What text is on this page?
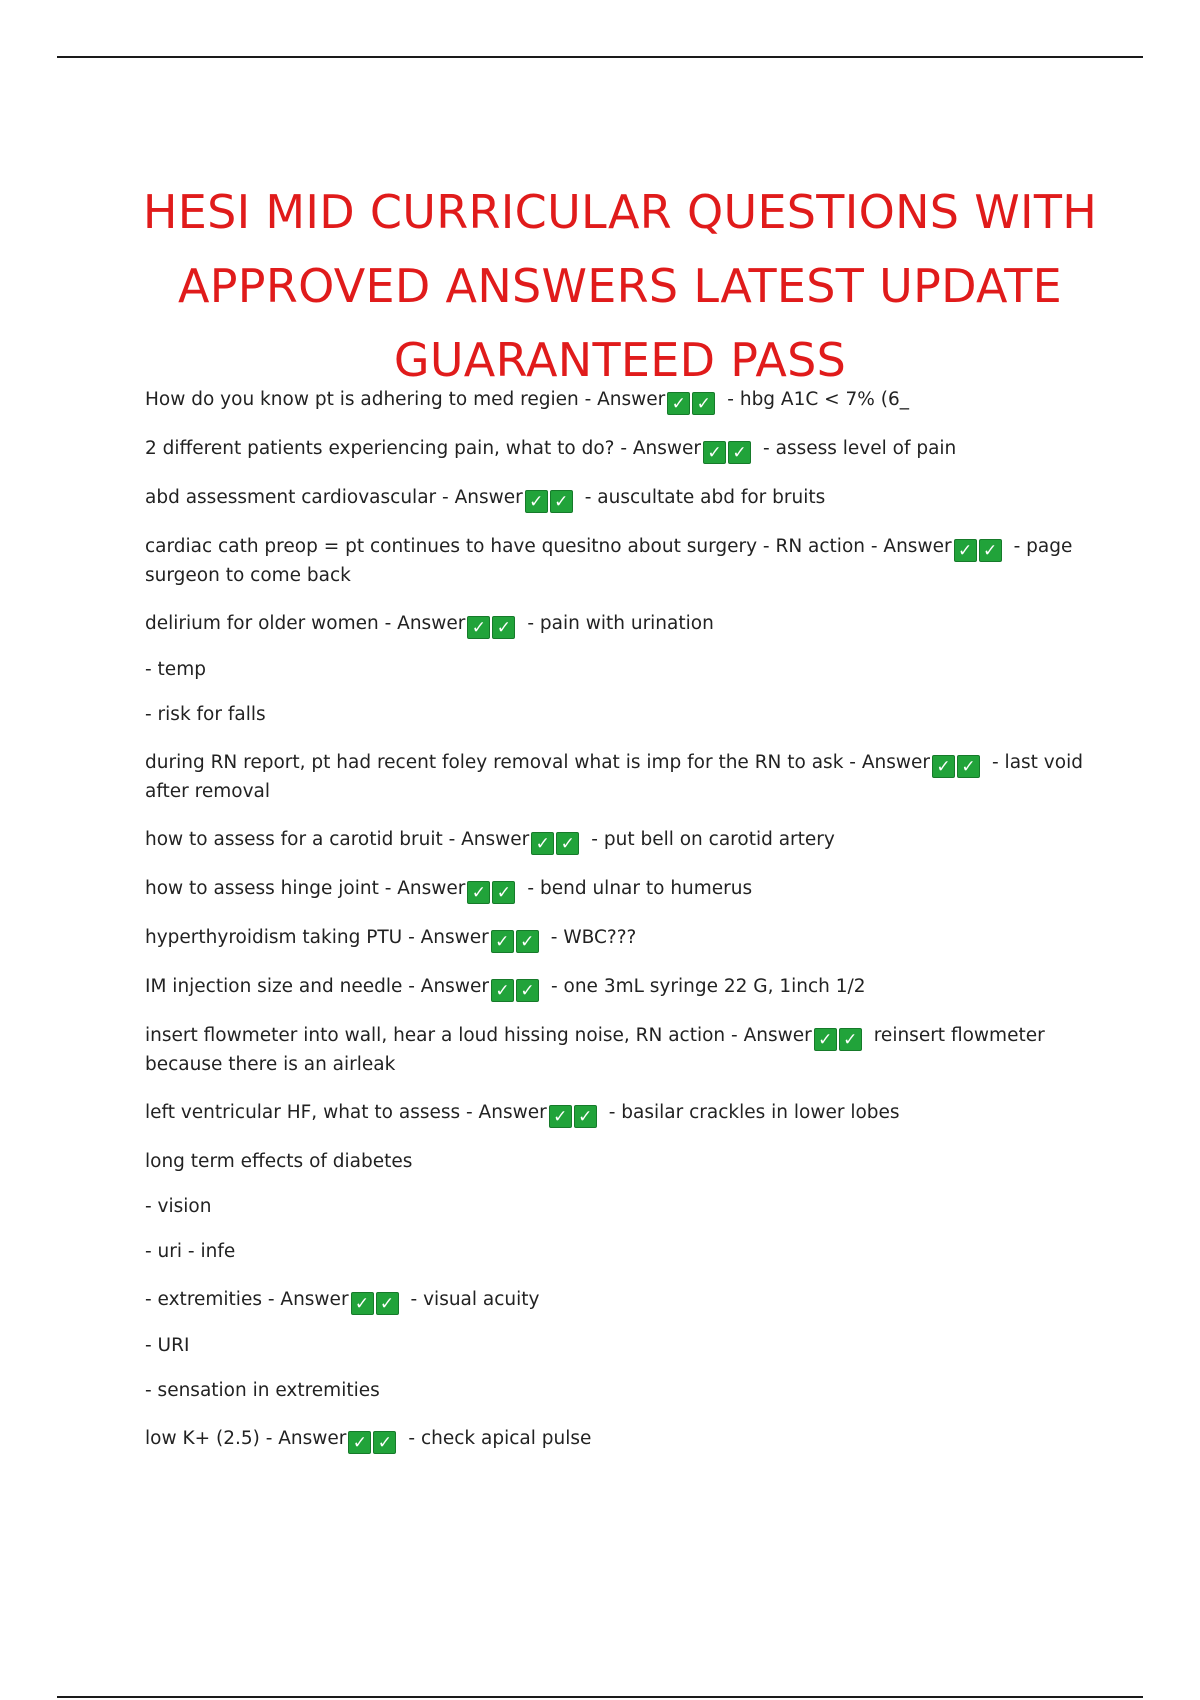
HESI MID CURRICULAR QUESTIONS WITH
APPROVED ANSWERS LATEST UPDATE
GUARANTEED PASS
How do you know pt is adhering to med regien - Answer ✓ ✓ - hbg A1C < 7% (6_
2 different patients experiencing pain, what to do? - Answer ✓ ✓ - assess level of pain
abd assessment cardiovascular - Answer ✓ ✓ - auscultate abd for bruits
cardiac cath preop = pt continues to have quesitno about surgery - RN action - Answer ✓ ✓ - page surgeon to come back
delirium for older women - Answer ✓ ✓ - pain with urination
- temp
- risk for falls
during RN report, pt had recent foley removal what is imp for the RN to ask - Answer ✓ ✓ - last void after removal
how to assess for a carotid bruit - Answer ✓ ✓ - put bell on carotid artery
how to assess hinge joint - Answer ✓ ✓ - bend ulnar to humerus
hyperthyroidism taking PTU - Answer ✓ ✓ - WBC???
IM injection size and needle - Answer ✓ ✓ - one 3mL syringe 22 G, 1inch 1/2
insert flowmeter into wall, hear a loud hissing noise, RN action - Answer ✓ ✓ reinsert flowmeter because there is an airleak
left ventricular HF, what to assess - Answer ✓ ✓ - basilar crackles in lower lobes
long term effects of diabetes
- vision
- uri - infe
- extremities - Answer ✓ ✓ - visual acuity
- URI
- sensation in extremities
low K+ (2.5) - Answer ✓ ✓ - check apical pulse
